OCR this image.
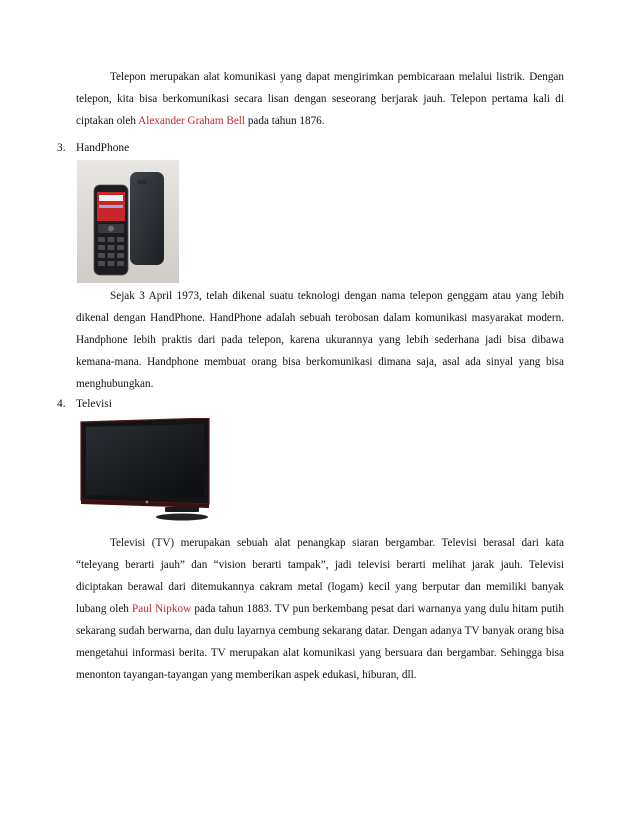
Telepon merupakan alat komunikasi yang dapat mengirimkan pembicaraan melalui listrik. Dengan telepon, kita bisa berkomunikasi secara lisan dengan seseorang berjarak jauh. Telepon pertama kali di ciptakan oleh Alexander Graham Bell pada tahun 1876.

3. HandPhone

Sejak 3 April 1973, telah dikenal suatu teknologi dengan nama telepon genggam atau yang lebih dikenal dengan HandPhone. HandPhone adalah sebuah terobosan dalam komunikasi masyarakat modern. Handphone lebih praktis dari pada telepon, karena ukurannya yang lebih sederhana jadi bisa dibawa kemana-mana. Handphone membuat orang bisa berkomunikasi dimana saja, asal ada sinyal yang bisa menghubungkan.

4. Televisi

Televisi (TV) merupakan sebuah alat penangkap siaran bergambar. Televisi berasal dari kata “teleyang berarti jauh” dan “vision berarti tampak”, jadi televisi berarti melihat jarak jauh. Televisi diciptakan berawal dari ditemukannya cakram metal (logam) kecil yang berputar dan memiliki banyak lubang oleh Paul Nipkow pada tahun 1883. TV pun berkembang pesat dari warnanya yang dulu hitam putih sekarang sudah berwarna, dan dulu layarnya cembung sekarang datar. Dengan adanya TV banyak orang bisa mengetahui informasi berita. TV merupakan alat komunikasi yang bersuara dan bergambar. Sehingga bisa menonton tayangan-tayangan yang memberikan aspek edukasi, hiburan, dll.
